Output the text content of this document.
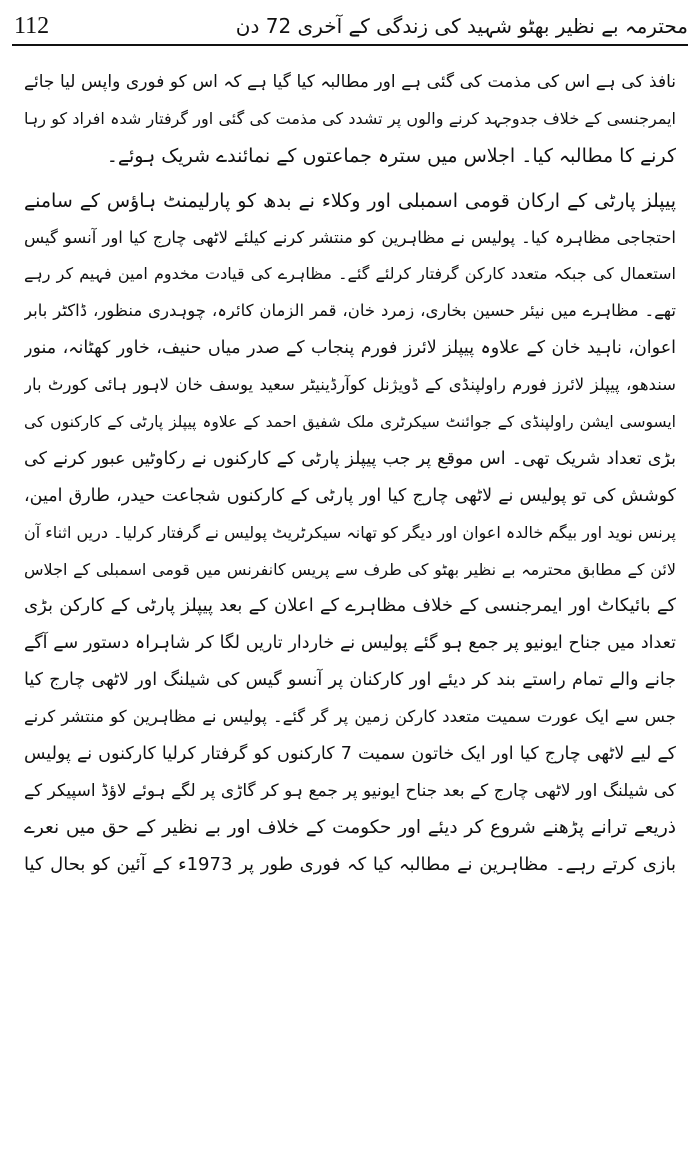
112	محترمہ بے نظیر بھٹو شہید کی زندگی کے آخری 72 دن
نافذ کی ہے اس کی مذمت کی گئی ہے اور مطالبہ کیا گیا ہے کہ اس کو فوری واپس لیا جائے
ایمرجنسی کے خلاف جدوجہد کرنے والوں پر تشدد کی مذمت کی گئی اور گرفتار شدہ افراد کو رہا
کرنے کا مطالبہ کیا۔ اجلاس میں سترہ جماعتوں کے نمائندے شریک ہوئے۔
پیپلز پارٹی کے ارکان قومی اسمبلی اور وکلاء نے بدھ کو پارلیمنٹ ہاؤس کے سامنے
احتجاجی مظاہرہ کیا۔ پولیس نے مظاہرین کو منتشر کرنے کیلئے لاٹھی چارج کیا اور آنسو گیس
استعمال کی جبکہ متعدد کارکن گرفتار کرلئے گئے۔ مظاہرے کی قیادت مخدوم امین فہیم کر رہے
تھے۔ مظاہرے میں نیئر حسین بخاری، زمرد خان، قمر الزمان کائرہ، چوہدری منظور، ڈاکٹر بابر
اعوان، ناہید خان کے علاوہ پیپلز لائرز فورم پنجاب کے صدر میاں حنیف، خاور کھٹانہ، منور
سندھو، پیپلز لائرز فورم راولپنڈی کے ڈویژنل کوآرڈینیٹر سعید یوسف خان لاہور ہائی کورٹ بار
ایسوسی ایشن راولپنڈی کے جوائنٹ سیکرٹری ملک شفیق احمد کے علاوہ پیپلز پارٹی کے کارکنوں کی
بڑی تعداد شریک تھی۔ اس موقع پر جب پیپلز پارٹی کے کارکنوں نے رکاوٹیں عبور کرنے کی
کوشش کی تو پولیس نے لاٹھی چارج کیا اور پارٹی کے کارکنوں شجاعت حیدر، طارق امین،
پرنس نوید اور بیگم خالدہ اعوان اور دیگر کو تھانہ سیکرٹریٹ پولیس نے گرفتار کرلیا۔ دریں اثناء آن
لائن کے مطابق محترمہ بے نظیر بھٹو کی طرف سے پریس کانفرنس میں قومی اسمبلی کے اجلاس
کے بائیکاٹ اور ایمرجنسی کے خلاف مظاہرے کے اعلان کے بعد پیپلز پارٹی کے کارکن بڑی
تعداد میں جناح ایونیو پر جمع ہو گئے پولیس نے خاردار تاریں لگا کر شاہراہ دستور سے آگے
جانے والے تمام راستے بند کر دیئے اور کارکنان پر آنسو گیس کی شیلنگ اور لاٹھی چارج کیا
جس سے ایک عورت سمیت متعدد کارکن زمین پر گر گئے۔ پولیس نے مظاہرین کو منتشر کرنے
کے لیے لاٹھی چارج کیا اور ایک خاتون سمیت 7 کارکنوں کو گرفتار کرلیا کارکنوں نے پولیس
کی شیلنگ اور لاٹھی چارج کے بعد جناح ایونیو پر جمع ہو کر گاڑی پر لگے ہوئے لاؤڈ اسپیکر کے
ذریعے ترانے پڑھنے شروع کر دیئے اور حکومت کے خلاف اور بے نظیر کے حق میں نعرے
بازی کرتے رہے۔ مظاہرین نے مطالبہ کیا کہ فوری طور پر 1973ء کے آئین کو بحال کیا
